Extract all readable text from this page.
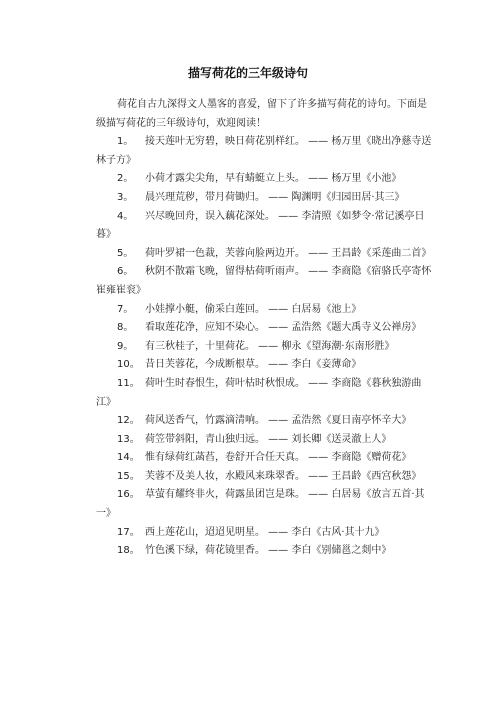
描写荷花的三年级诗句

荷花自古九深得文人墨客的喜爱，留下了许多描写荷花的诗句。下面是级描写荷花的三年级诗句，欢迎阅读！

1。 接天莲叶无穷碧，映日荷花别样红。 —— 杨万里《晓出净慈寺送林子方》

2。 小荷才露尖尖角，早有蜻蜓立上头。 —— 杨万里《小池》

3。 晨兴理荒秽，带月荷锄归。 —— 陶渊明《归园田居·其三》

4。 兴尽晚回舟，误入藕花深处。 —— 李清照《如梦令·常记溪亭日暮》

5。 荷叶罗裙一色裁，芙蓉向脸两边开。 —— 王昌龄《采莲曲二首》

6。 秋阴不散霜飞晚，留得枯荷听雨声。 —— 李商隐《宿骆氏亭寄怀崔雍崔衮》

7。 小娃撑小艇，偷采白莲回。 —— 白居易《池上》

8。 看取莲花净，应知不染心。 —— 孟浩然《题大禹寺义公禅房》

9。 有三秋桂子，十里荷花。 —— 柳永《望海潮·东南形胜》

10。 昔日芙蓉花，今成断根草。 —— 李白《妾薄命》

11。 荷叶生时春恨生，荷叶枯时秋恨成。 —— 李商隐《暮秋独游曲江》

12。 荷风送香气，竹露滴清响。 —— 孟浩然《夏日南亭怀辛大》

13。 荷笠带斜阳，青山独归远。 —— 刘长卿《送灵澈上人》

14。 惟有绿荷红菡萏，卷舒开合任天真。 —— 李商隐《赠荷花》

15。 芙蓉不及美人妆，水殿风来珠翠香。 —— 王昌龄《西宫秋怨》

16。 草萤有耀终非火，荷露虽团岂是珠。 —— 白居易《放言五首·其一》

17。 西上莲花山，迢迢见明星。 —— 李白《古风·其十九》

18。 竹色溪下绿，荷花镜里香。 —— 李白《别储邕之剡中》
